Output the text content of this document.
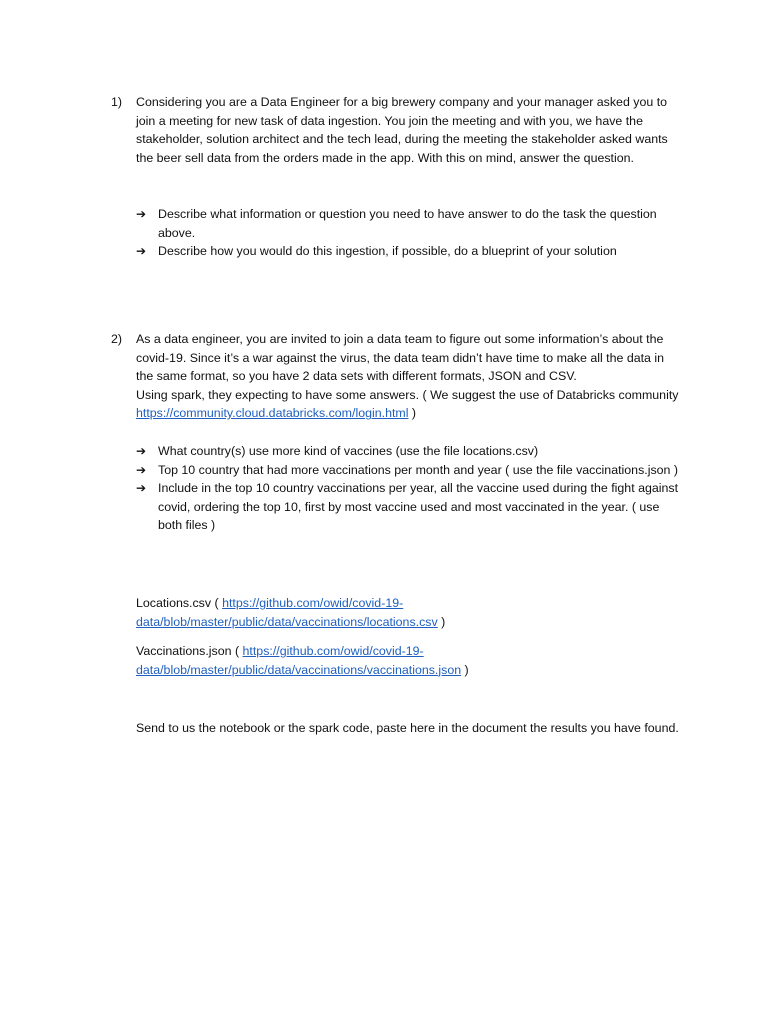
1) Considering you are a Data Engineer for a big brewery company and your manager asked you to join a meeting for new task of data ingestion. You join the meeting and with you, we have the stakeholder, solution architect and the tech lead, during the meeting the stakeholder asked wants the beer sell data from the orders made in the app. With this on mind, answer the question.

➔ Describe what information or question you need to have answer to do the task the question above.
➔ Describe how you would do this ingestion, if possible, do a blueprint of your solution
2) As a data engineer, you are invited to join a data team to figure out some information’s about the covid-19. Since it’s a war against the virus, the data team didn’t have time to make all the data in the same format, so you have 2 data sets with different formats, JSON and CSV.

Using spark, they expecting to have some answers. ( We suggest the use of Databricks community https://community.cloud.databricks.com/login.html )

➔ What country(s) use more kind of vaccines (use the file locations.csv)
➔ Top 10 country that had more vaccinations per month and year ( use the file vaccinations.json )
➔ Include in the top 10 country vaccinations per year, all the vaccine used during the fight against covid, ordering the top 10, first by most vaccine used and most vaccinated in the year. ( use both files )

Locations.csv ( https://github.com/owid/covid-19-data/blob/master/public/data/vaccinations/locations.csv )

Vaccinations.json ( https://github.com/owid/covid-19-data/blob/master/public/data/vaccinations/vaccinations.json )

Send to us the notebook or the spark code, paste here in the document the results you have found.
